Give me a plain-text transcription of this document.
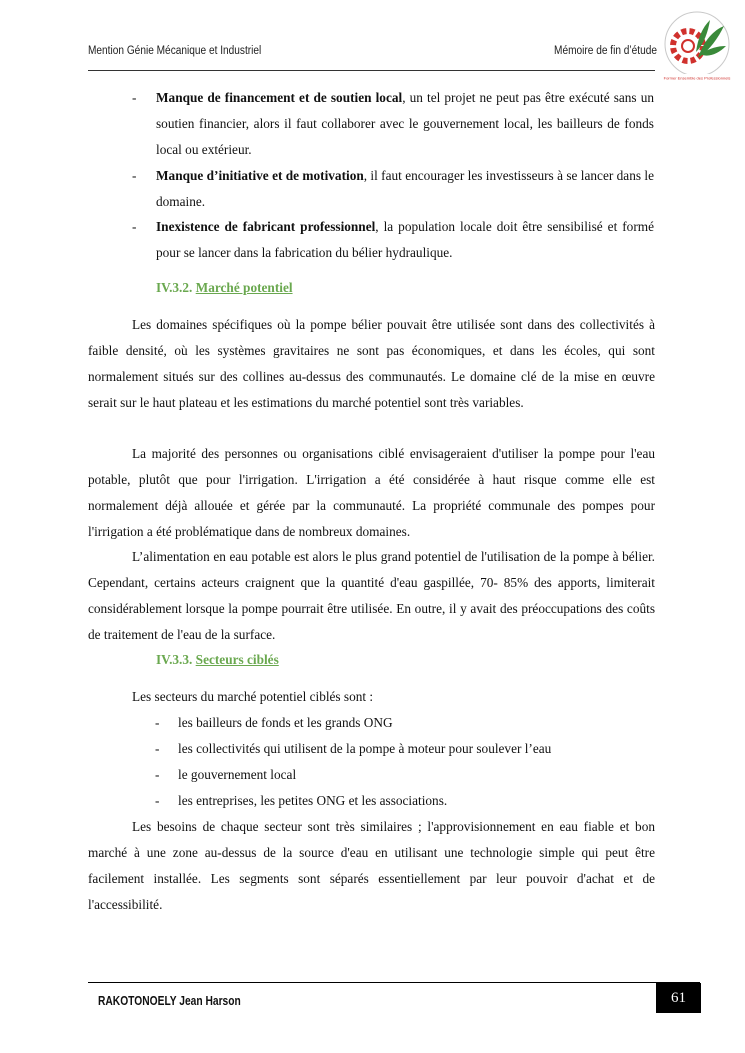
Mention Génie Mécanique et Industriel	Mémoire de fin d’étude
Former Ensemble des Professionnels
- Manque de financement et de soutien local, un tel projet ne peut pas être exécuté sans un soutien financier, alors il faut collaborer avec le gouvernement local, les bailleurs de fonds local ou extérieur.
- Manque d’initiative et de motivation, il faut encourager les investisseurs à se lancer dans le domaine.
- Inexistence de fabricant professionnel, la population locale doit être sensibilisé et formé pour se lancer dans la fabrication du bélier hydraulique.
IV.3.2. Marché potentiel
Les domaines spécifiques où la pompe bélier pouvait être utilisée sont dans des collectivités à faible densité, où les systèmes gravitaires ne sont pas économiques, et dans les écoles, qui sont normalement situés sur des collines au-dessus des communautés. Le domaine clé de la mise en œuvre serait sur le haut plateau et les estimations du marché potentiel sont très variables.
La majorité des personnes ou organisations ciblé envisageraient d'utiliser la pompe pour l'eau potable, plutôt que pour l'irrigation. L'irrigation a été considérée à haut risque comme elle est normalement déjà allouée et gérée par la communauté. La propriété communale des pompes pour l'irrigation a été problématique dans de nombreux domaines.
L’alimentation en eau potable est alors le plus grand potentiel de l'utilisation de la pompe à bélier. Cependant, certains acteurs craignent que la quantité d'eau gaspillée, 70- 85% des apports, limiterait considérablement lorsque la pompe pourrait être utilisée. En outre, il y avait des préoccupations des coûts de traitement de l'eau de la surface.
IV.3.3. Secteurs ciblés
Les secteurs du marché potentiel ciblés sont :
- les bailleurs de fonds et les grands ONG
- les collectivités qui utilisent de la pompe à moteur pour soulever l’eau
- le gouvernement local
- les entreprises, les petites ONG et les associations.
Les besoins de chaque secteur sont très similaires ; l'approvisionnement en eau fiable et bon marché à une zone au-dessus de la source d'eau en utilisant une technologie simple qui peut être facilement installée. Les segments sont séparés essentiellement par leur pouvoir d'achat et de l'accessibilité.
RAKOTONOELY Jean Harson	61
